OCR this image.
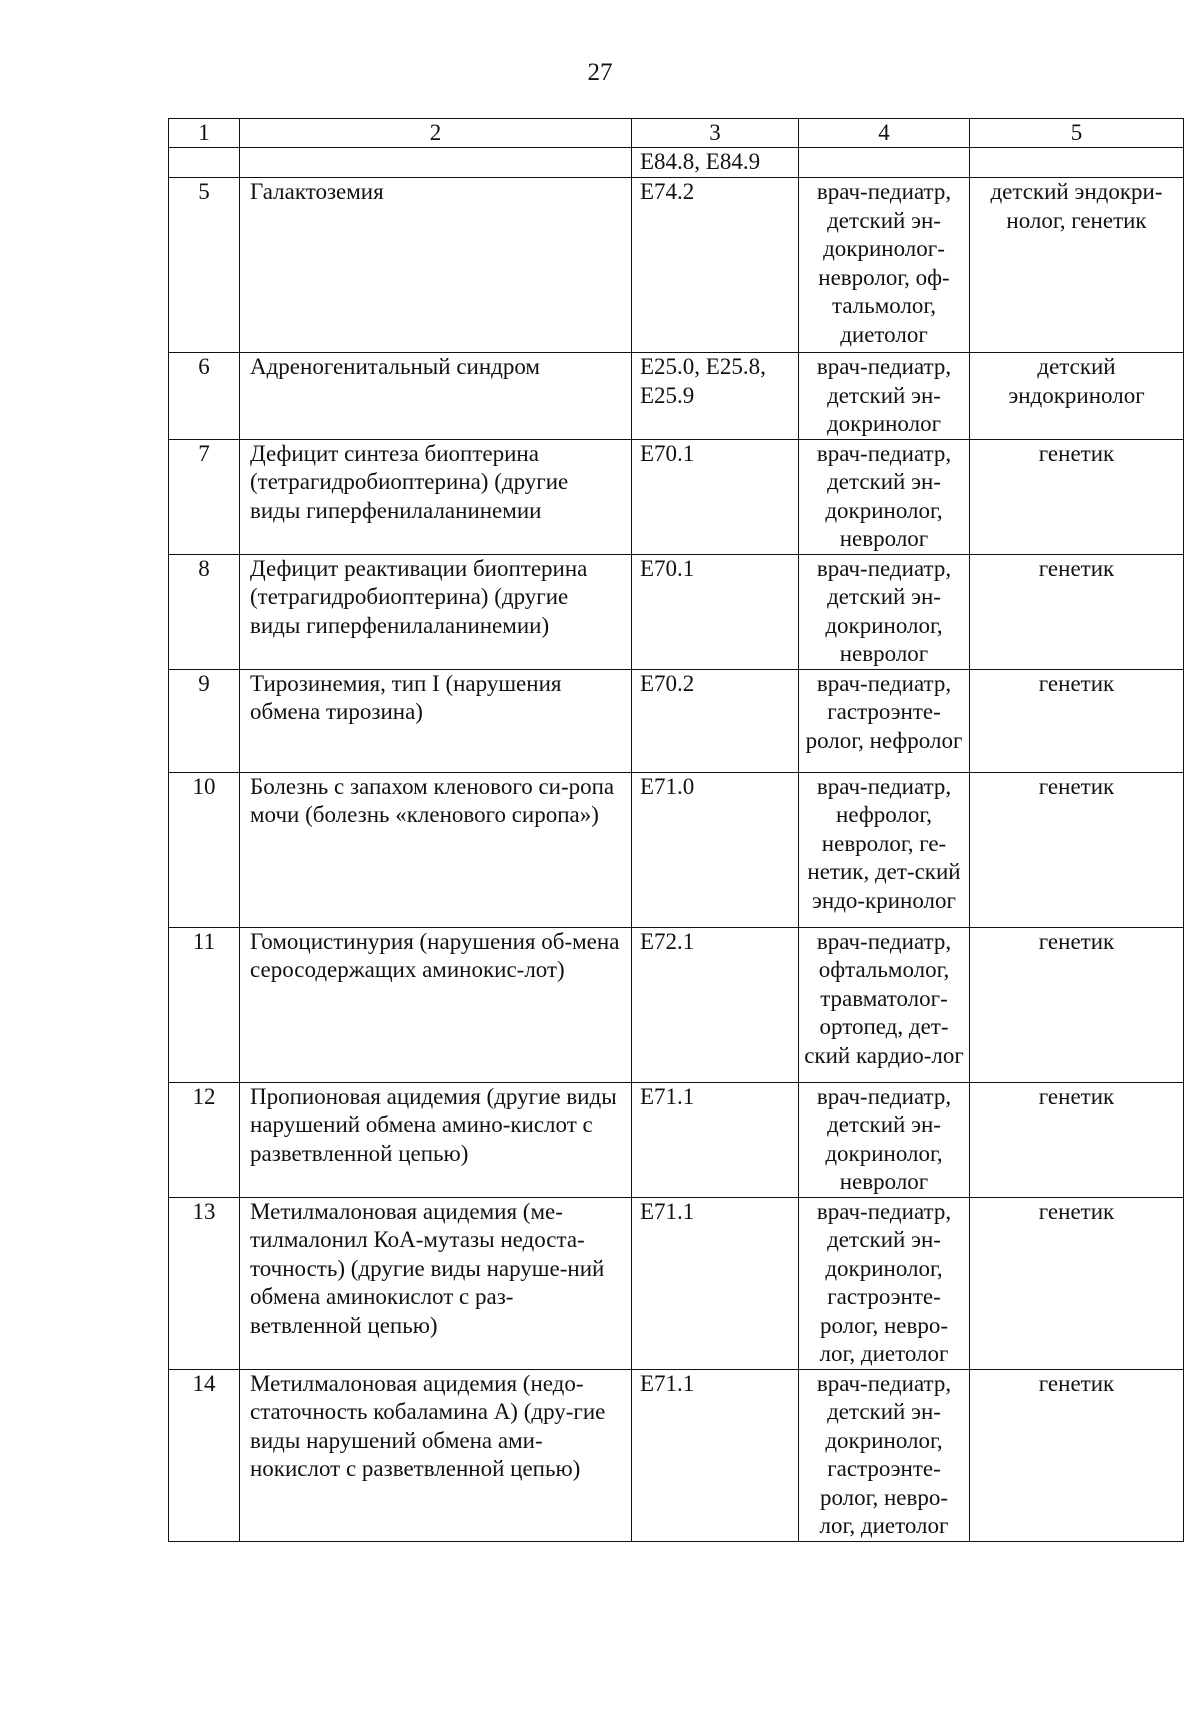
27
1	2	3	4	5
		E84.8, E84.9		
5	Галактоземия	E74.2	врач-педиатр, детский эн-докринолог-невролог, оф-тальмолог, диетолог	детский эндокри-нолог, генетик
6	Адреногенитальный синдром	E25.0, E25.8, E25.9	врач-педиатр, детский эн-докринолог	детский эндокринолог
7	Дефицит синтеза биоптерина (тетрагидробиоптерина) (другие виды гиперфенилаланинемии	E70.1	врач-педиатр, детский эн-докринолог, невролог	генетик
8	Дефицит реактивации биоптерина (тетрагидробиоптерина) (другие виды гиперфенилаланинемии)	E70.1	врач-педиатр, детский эн-докринолог, невролог	генетик
9	Тирозинемия, тип I (нарушения обмена тирозина)	E70.2	врач-педиатр, гастроэнте-ролог, нефролог	генетик
10	Болезнь с запахом кленового си-ропа мочи (болезнь «кленового сиропа»)	E71.0	врач-педиатр, нефролог, невролог, ге-нетик, дет-ский эндо-кринолог	генетик
11	Гомоцистинурия (нарушения об-мена серосодержащих аминокис-лот)	E72.1	врач-педиатр, офтальмолог, травматолог-ортопед, дет-ский кардио-лог	генетик
12	Пропионовая ацидемия (другие виды нарушений обмена амино-кислот с разветвленной цепью)	E71.1	врач-педиатр, детский эн-докринолог, невролог	генетик
13	Метилмалоновая ацидемия (ме-тилмалонил КоА-мутазы недоста-точность) (другие виды наруше-ний обмена аминокислот с раз-ветвленной цепью)	E71.1	врач-педиатр, детский эн-докринолог, гастроэнте-ролог, невро-лог, диетолог	генетик
14	Метилмалоновая ацидемия (недо-статочность кобаламина А) (дру-гие виды нарушений обмена ами-нокислот с разветвленной цепью)	E71.1	врач-педиатр, детский эн-докринолог, гастроэнте-ролог, невро-лог, диетолог	генетик
